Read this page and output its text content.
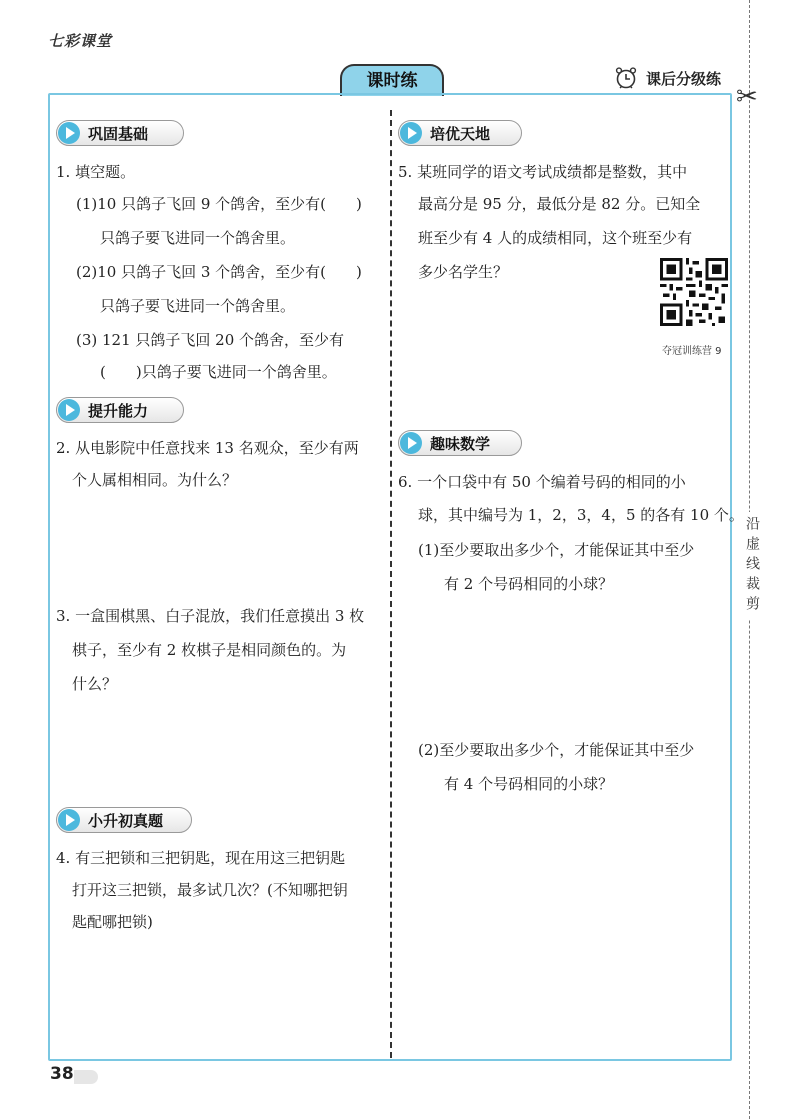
七彩课堂
课时练	课后分级练
✂
沿虚线裁剪
巩固基础
1. 填空题。
(1)10 只鸽子飞回 9 个鸽舍，至少有(　　)
只鸽子要飞进同一个鸽舍里。
(2)10 只鸽子飞回 3 个鸽舍，至少有(　　)
只鸽子要飞进同一个鸽舍里。
(3) 121 只鸽子飞回 20 个鸽舍，至少有
(　　)只鸽子要飞进同一个鸽舍里。
提升能力
2. 从电影院中任意找来 13 名观众，至少有两
个人属相相同。为什么？
3. 一盒围棋黑、白子混放，我们任意摸出 3 枚
棋子，至少有 2 枚棋子是相同颜色的。为
什么？
小升初真题
4. 有三把锁和三把钥匙，现在用这三把钥匙
打开这三把锁，最多试几次？(不知哪把钥
匙配哪把锁)
培优天地
5. 某班同学的语文考试成绩都是整数，其中
最高分是 95 分，最低分是 82 分。已知全
班至少有 4 人的成绩相同，这个班至少有
多少名学生？
夺冠训练营 9
趣味数学
6. 一个口袋中有 50 个编着号码的相同的小
球，其中编号为 1，2，3，4，5 的各有 10 个。
(1)至少要取出多少个，才能保证其中至少
有 2 个号码相同的小球？
(2)至少要取出多少个，才能保证其中至少
有 4 个号码相同的小球？
38
